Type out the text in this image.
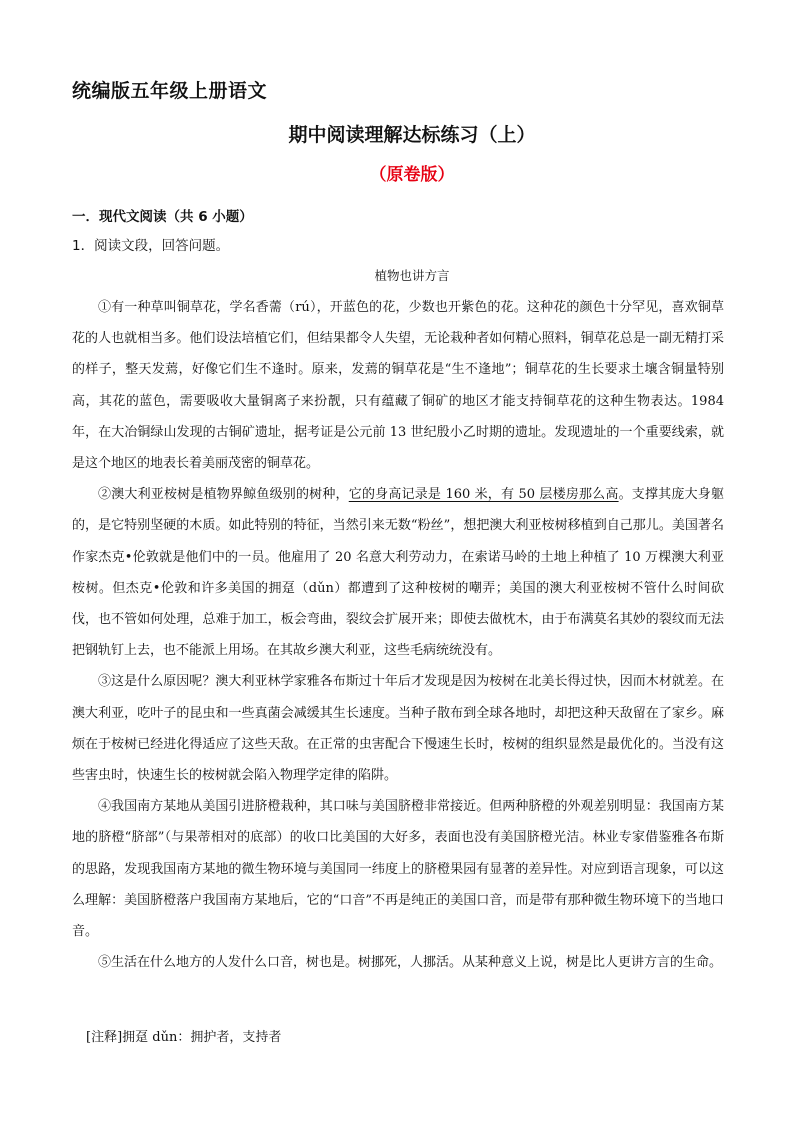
统编版五年级上册语文
期中阅读理解达标练习（上）
（原卷版）
一．现代文阅读（共 6 小题）
1．阅读文段，回答问题。
植物也讲方言

①有一种草叫铜草花，学名香薷（rú），开蓝色的花，少数也开紫色的花。这种花的颜色十分罕见，喜欢铜草花的人也就相当多。他们设法培植它们，但结果都令人失望，无论栽种者如何精心照料，铜草花总是一副无精打采的样子，整天发蔫，好像它们生不逢时。原来，发蔫的铜草花是“生不逢地”；铜草花的生长要求土壤含铜量特别高，其花的蓝色，需要吸收大量铜离子来扮靓，只有蕴藏了铜矿的地区才能支持铜草花的这种生物表达。1984 年，在大冶铜绿山发现的古铜矿遗址，据考证是公元前 13 世纪殷小乙时期的遗址。发现遗址的一个重要线索，就是这个地区的地表长着美丽茂密的铜草花。

②澳大利亚桉树是植物界鲸鱼级别的树种，它的身高记录是 160 米，有 50 层楼房那么高。支撑其庞大身躯的，是它特别坚硬的木质。如此特别的特征，当然引来无数“粉丝”，想把澳大利亚桉树移植到自己那儿。美国著名作家杰克•伦敦就是他们中的一员。他雇用了 20 名意大利劳动力，在索诺马岭的土地上种植了 10 万棵澳大利亚桉树。但杰克•伦敦和许多美国的拥趸（dǔn）都遭到了这种桉树的嘲弄；美国的澳大利亚桉树不管什么时间砍伐，也不管如何处理，总难于加工，板会弯曲，裂纹会扩展开来；即使去做枕木，由于布满莫名其妙的裂纹而无法把钢轨钉上去，也不能派上用场。在其故乡澳大利亚，这些毛病统统没有。

③这是什么原因呢？澳大利亚林学家雅各布斯过十年后才发现是因为桉树在北美长得过快，因而木材就差。在澳大利亚，吃叶子的昆虫和一些真菌会减缓其生长速度。当种子散布到全球各地时，却把这种天敌留在了家乡。麻烦在于桉树已经进化得适应了这些天敌。在正常的虫害配合下慢速生长时，桉树的组织显然是最优化的。当没有这些害虫时，快速生长的桉树就会陷入物理学定律的陷阱。

④我国南方某地从美国引进脐橙栽种，其口味与美国脐橙非常接近。但两种脐橙的外观差别明显：我国南方某地的脐橙“脐部”（与果蒂相对的底部）的收口比美国的大好多，表面也没有美国脐橙光洁。林业专家借鉴雅各布斯的思路，发现我国南方某地的微生物环境与美国同一纬度上的脐橙果园有显著的差异性。对应到语言现象，可以这么理解：美国脐橙落户我国南方某地后，它的“口音”不再是纯正的美国口音，而是带有那种微生物环境下的当地口音。

⑤生活在什么地方的人发什么口音，树也是。树挪死，人挪活。从某种意义上说，树是比人更讲方言的生命。

[注释]拥趸 dǔn：拥护者，支持者
